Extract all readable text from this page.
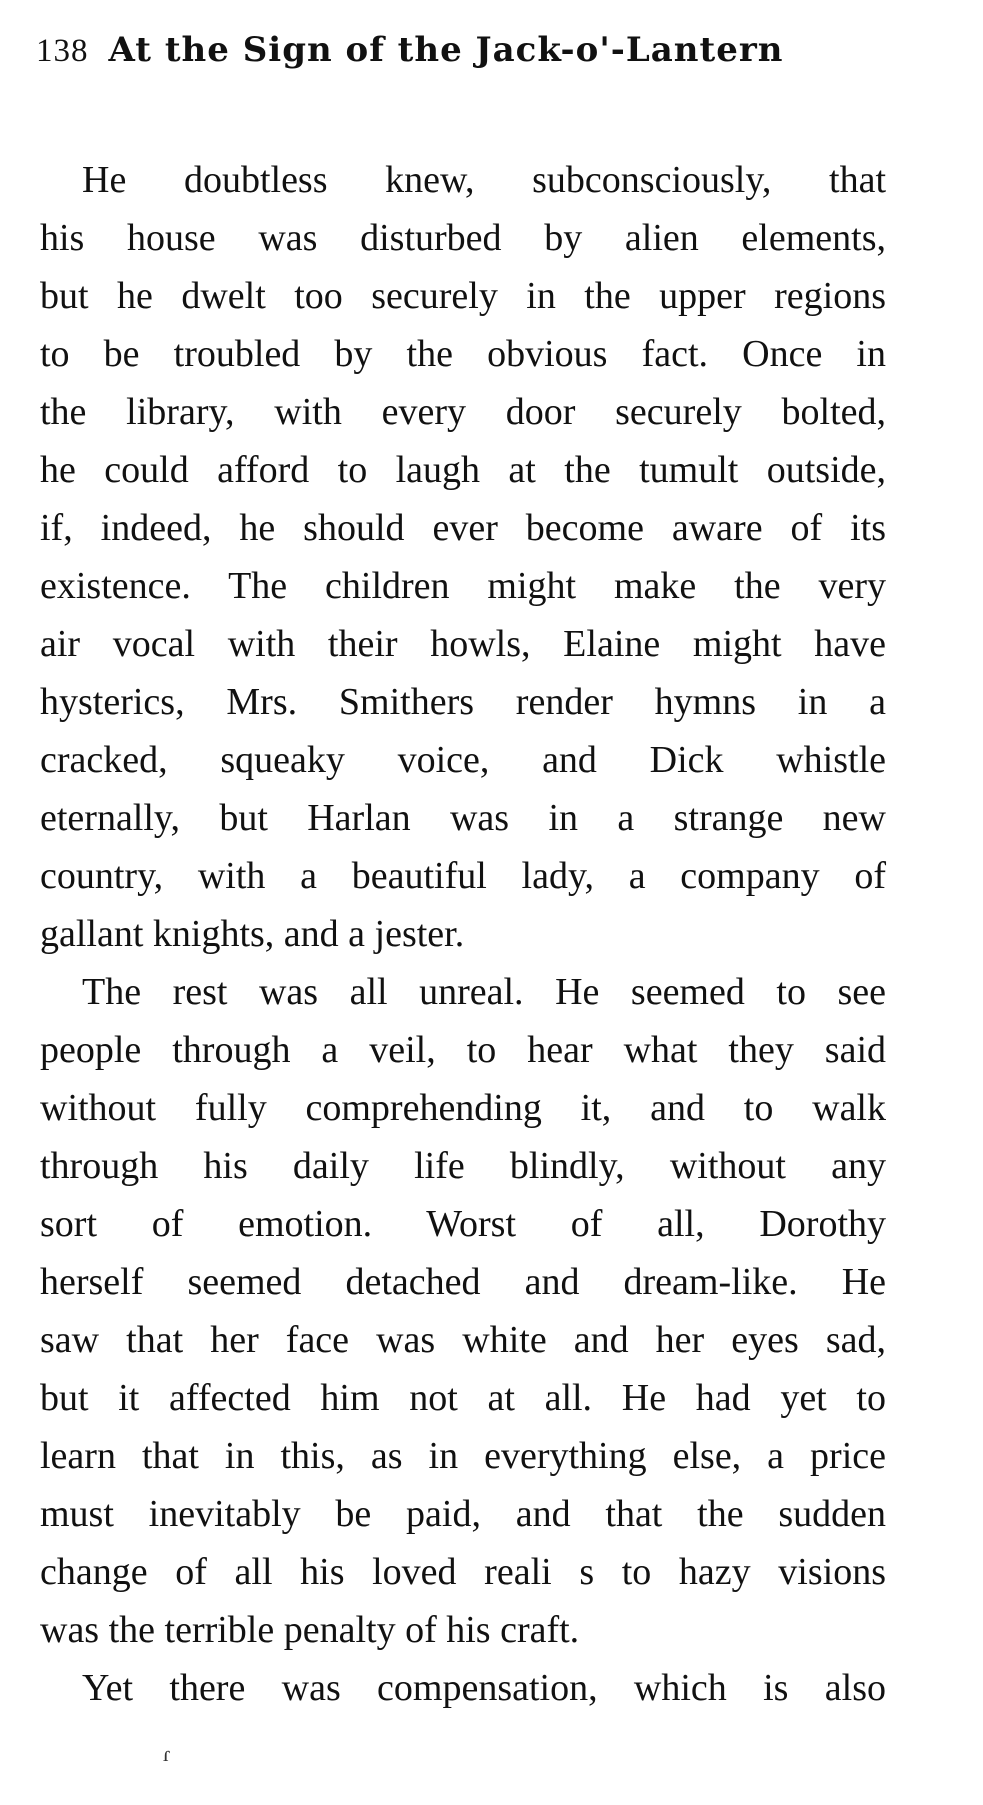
138 At the Sign of the Jack-o'-Lantern
He doubtless knew, subconsciously, that
his house was disturbed by alien elements,
but he dwelt too securely in the upper regions
to be troubled by the obvious fact. Once in
the library, with every door securely bolted,
he could afford to laugh at the tumult outside,
if, indeed, he should ever become aware of its
existence. The children might make the very
air vocal with their howls, Elaine might have
hysterics, Mrs. Smithers render hymns in a
cracked, squeaky voice, and Dick whistle
eternally, but Harlan was in a strange new
country, with a beautiful lady, a company of
gallant knights, and a jester.
The rest was all unreal. He seemed to see
people through a veil, to hear what they said
without fully comprehending it, and to walk
through his daily life blindly, without any
sort of emotion. Worst of all, Dorothy
herself seemed detached and dream-like. He
saw that her face was white and her eyes sad,
but it affected him not at all. He had yet to
learn that in this, as in everything else, a price
must inevitably be paid, and that the sudden
change of all his loved reali s to hazy visions
was the terrible penalty of his craft.
Yet there was compensation, which is also
ɾ
